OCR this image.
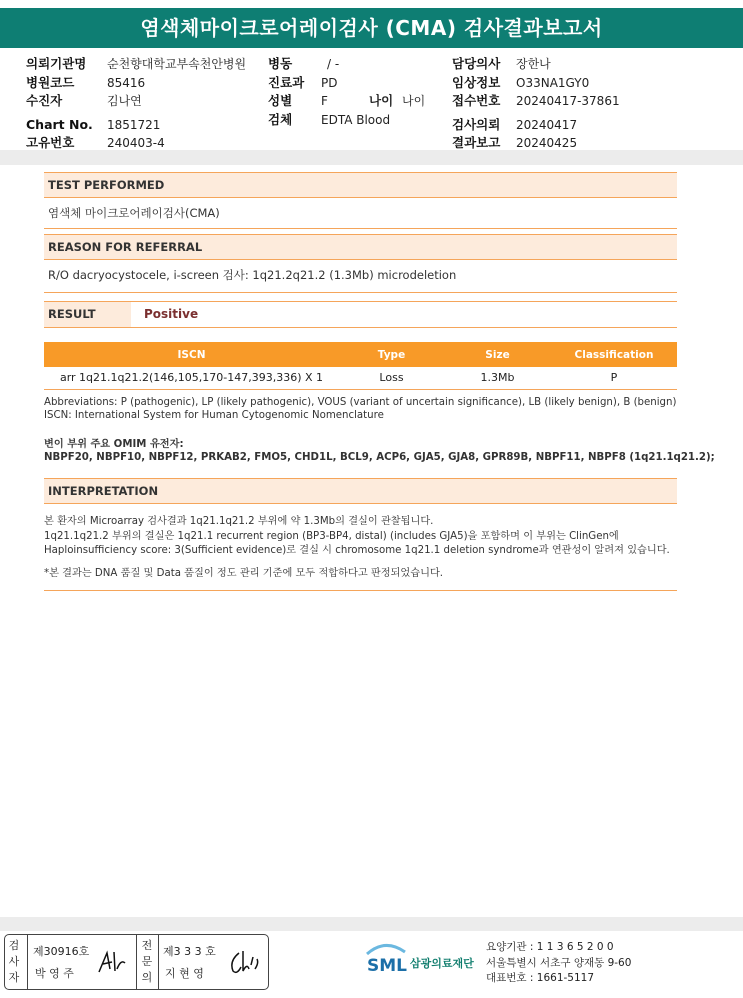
염색체마이크로어레이검사 (CMA) 검사결과보고서
의뢰기관명 순천향대학교부속천안병원
병원코드	85416
수진자	김나연
Chart No. 1851721
고유번호	240403-4
병동	/ -
진료과 PD
성별 F	나이 나이
검체 EDTA Blood
담당의사 장한나
임상정보 O33NA1GY0
접수번호 20240417-37861
검사의뢰 20240417
결과보고 20240425
TEST PERFORMED
염색체 마이크로어레이검사(CMA)
REASON FOR REFERRAL
R/O dacryocystocele, i-screen 검사: 1q21.2q21.2 (1.3Mb) microdeletion
RESULT	Positive
ISCN	Type	Size	Classification
arr 1q21.1q21.2(146,105,170-147,393,336) X 1	Loss	1.3Mb	P
Abbreviations: P (pathogenic), LP (likely pathogenic), VOUS (variant of uncertain significance), LB (likely benign), B (benign)
ISCN: International System for Human Cytogenomic Nomenclature
변이 부위 주요 OMIM 유전자:
NBPF20, NBPF10, NBPF12, PRKAB2, FMO5, CHD1L, BCL9, ACP6, GJA5, GJA8, GPR89B, NBPF11, NBPF8 (1q21.1q21.2);
INTERPRETATION
본 환자의 Microarray 검사결과 1q21.1q21.2 부위에 약 1.3Mb의 결실이 관찰됩니다.
1q21.1q21.2 부위의 결실은 1q21.1 recurrent region (BP3-BP4, distal) (includes GJA5)을 포함하며 이 부위는 ClinGen에
Haploinsufficiency score: 3(Sufficient evidence)로 결실 시 chromosome 1q21.1 deletion syndrome과 연관성이 알려져 있습니다.
*본 결과는 DNA 품질 및 Data 품질이 정도 관리 기준에 모두 적합하다고 판정되었습니다.
검
사
자
제30916호
박 영 주
전
문
의
제3 3 3 호
지 현 영	SML 삼광의료재단
요양기관 : 1 1 3 6 5 2 0 0
서울특별시 서초구 양재동 9-60
대표번호 : 1661-5117
